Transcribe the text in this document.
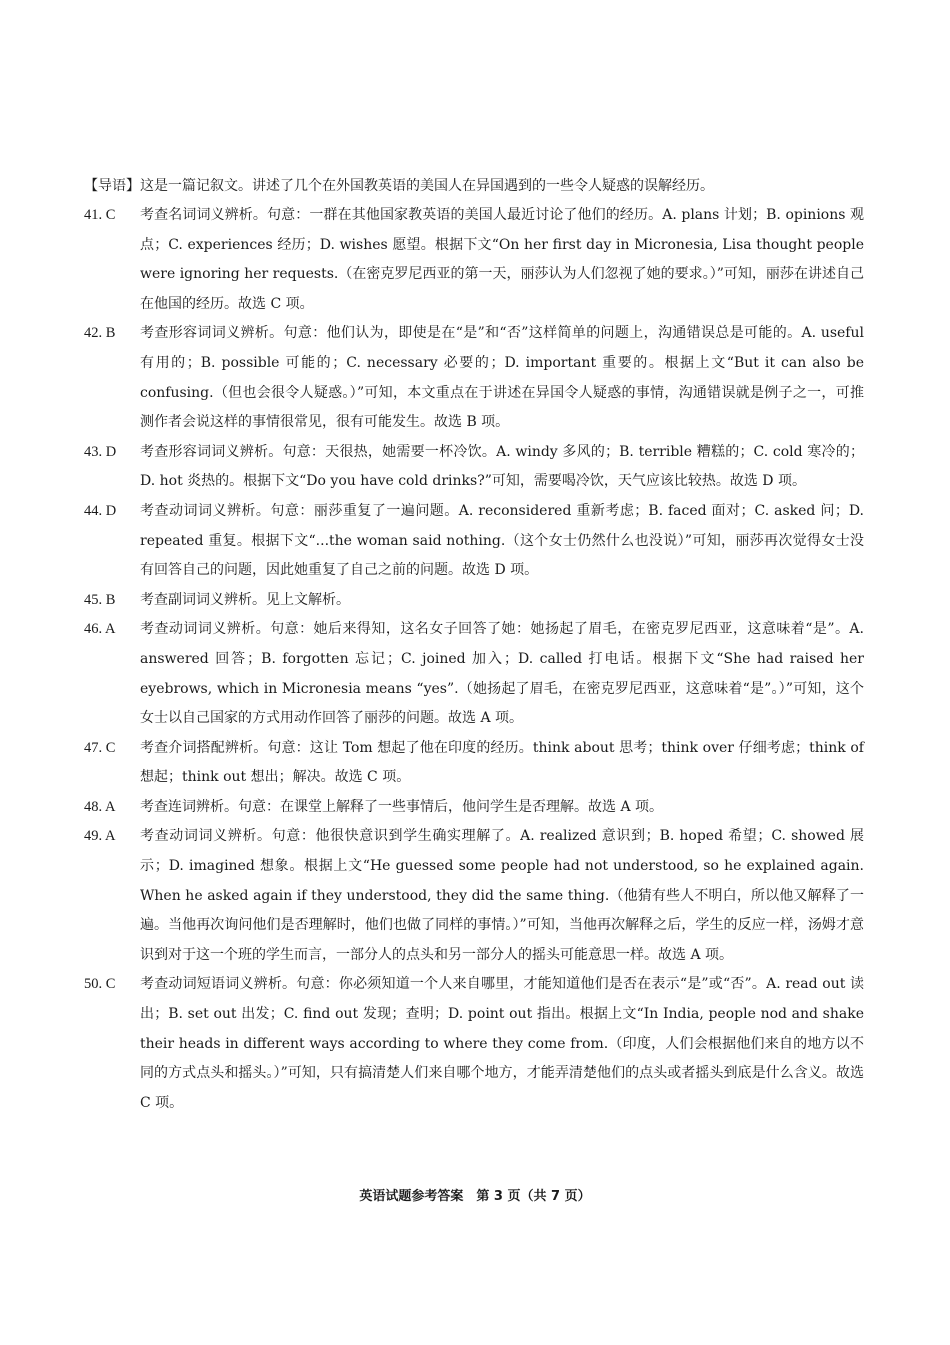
【导语】这是一篇记叙文。讲述了几个在外国教英语的美国人在异国遇到的一些令人疑惑的误解经历。

41. C 考查名词词义辨析。句意：一群在其他国家教英语的美国人最近讨论了他们的经历。A. plans 计划；B. opinions 观点；C. experiences 经历；D. wishes 愿望。根据下文“On her first day in Micronesia, Lisa thought people were ignoring her requests.（在密克罗尼西亚的第一天，丽莎认为人们忽视了她的要求。）”可知，丽莎在讲述自己在他国的经历。故选 C 项。
42. B 考查形容词词义辨析。句意：他们认为，即使是在“是”和“否”这样简单的问题上，沟通错误总是可能的。A. useful 有用的；B. possible 可能的；C. necessary 必要的；D. important 重要的。根据上文“But it can also be confusing.（但也会很令人疑惑。）”可知，本文重点在于讲述在异国令人疑惑的事情，沟通错误就是例子之一，可推测作者会说这样的事情很常见，很有可能发生。故选 B 项。
43. D 考查形容词词义辨析。句意：天很热，她需要一杯冷饮。A. windy 多风的；B. terrible 糟糕的；C. cold 寒冷的；D. hot 炎热的。根据下文“Do you have cold drinks?”可知，需要喝冷饮，天气应该比较热。故选 D 项。
44. D 考查动词词义辨析。句意：丽莎重复了一遍问题。A. reconsidered 重新考虑；B. faced 面对；C. asked 问；D. repeated 重复。根据下文“...the woman said nothing.（这个女士仍然什么也没说）”可知，丽莎再次觉得女士没有回答自己的问题，因此她重复了自己之前的问题。故选 D 项。
45. B 考查副词词义辨析。见上文解析。
46. A 考查动词词义辨析。句意：她后来得知，这名女子回答了她：她扬起了眉毛，在密克罗尼西亚，这意味着“是”。A. answered 回答；B. forgotten 忘记；C. joined 加入；D. called 打电话。根据下文“She had raised her eyebrows, which in Micronesia means “yes”.（她扬起了眉毛，在密克罗尼西亚，这意味着“是”。）”可知，这个女士以自己国家的方式用动作回答了丽莎的问题。故选 A 项。
47. C 考查介词搭配辨析。句意：这让 Tom 想起了他在印度的经历。think about 思考；think over 仔细考虑；think of 想起；think out 想出；解决。故选 C 项。
48. A 考查连词辨析。句意：在课堂上解释了一些事情后，他问学生是否理解。故选 A 项。
49. A 考查动词词义辨析。句意：他很快意识到学生确实理解了。A. realized 意识到；B. hoped 希望；C. showed 展示；D. imagined 想象。根据上文“He guessed some people had not understood, so he explained again. When he asked again if they understood, they did the same thing.（他猜有些人不明白，所以他又解释了一遍。当他再次询问他们是否理解时，他们也做了同样的事情。）”可知，当他再次解释之后，学生的反应一样，汤姆才意识到对于这一个班的学生而言，一部分人的点头和另一部分人的摇头可能意思一样。故选 A 项。
50. C 考查动词短语词义辨析。句意：你必须知道一个人来自哪里，才能知道他们是否在表示“是”或“否”。A. read out 读出；B. set out 出发；C. find out 发现；查明；D. point out 指出。根据上文“In India, people nod and shake their heads in different ways according to where they come from.（印度，人们会根据他们来自的地方以不同的方式点头和摇头。）”可知，只有搞清楚人们来自哪个地方，才能弄清楚他们的点头或者摇头到底是什么含义。故选 C 项。
英语试题参考答案　第 3 页（共 7 页）
